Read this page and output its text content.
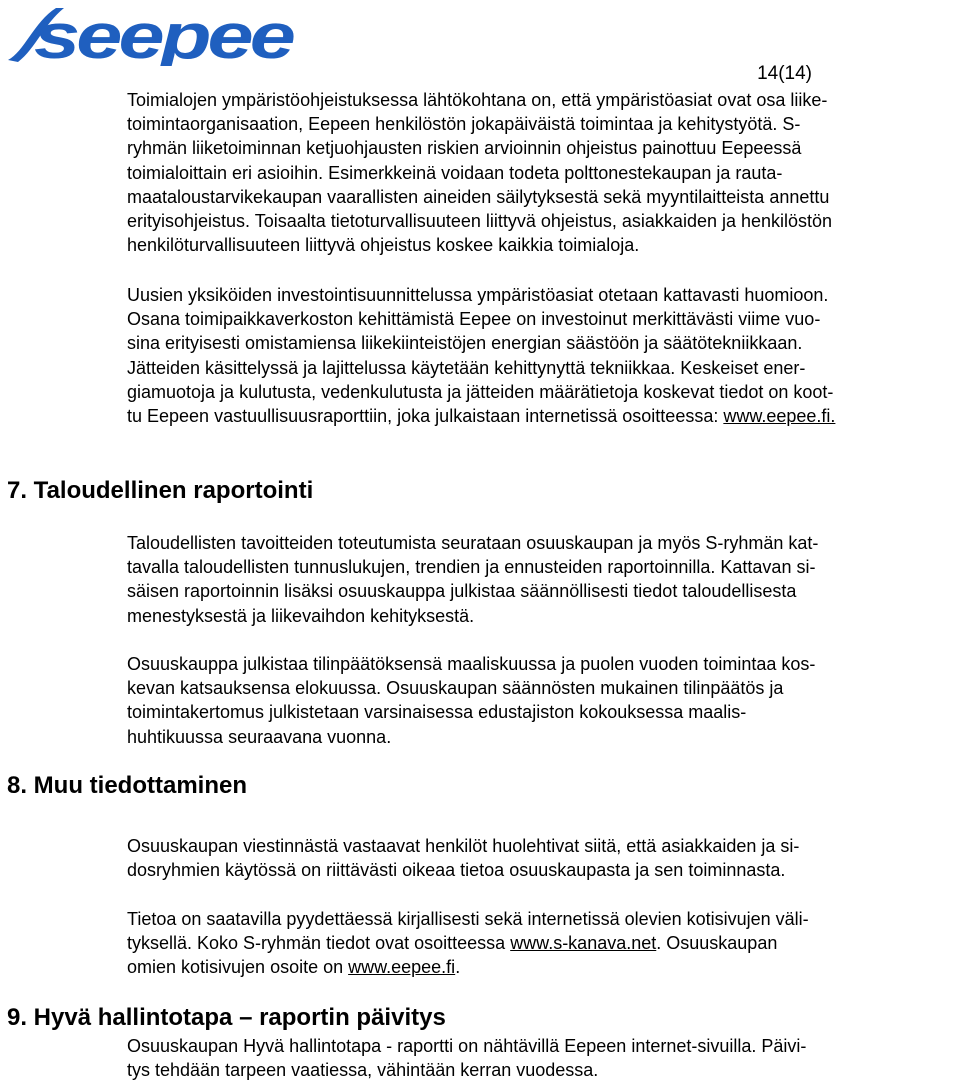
seepee
14(14)

Toimialojen ympäristöohjeistuksessa lähtökohtana on, että ympäristöasiat ovat osa liike-
toimintaorganisaation, Eepeen henkilöstön jokapäiväistä toimintaa ja kehitystyötä. S-
ryhmän liiketoiminnan ketjuohjausten riskien arvioinnin ohjeistus painottuu Eepeessä
toimialoittain eri asioihin. Esimerkkeinä voidaan todeta polttonestekaupan ja rauta-
maataloustarvikekaupan vaarallisten aineiden säilytyksestä sekä myyntilaitteista annettu
erityisohjeistus. Toisaalta tietoturvallisuuteen liittyvä ohjeistus, asiakkaiden ja henkilöstön
henkilöturvallisuuteen liittyvä ohjeistus koskee kaikkia toimialoja.

Uusien yksiköiden investointisuunnittelussa ympäristöasiat otetaan kattavasti huomioon.
Osana toimipaikkaverkoston kehittämistä Eepee on investoinut merkittävästi viime vuo-
sina erityisesti omistamiensa liikekiinteistöjen energian säästöön ja säätötekniikkaan.
Jätteiden käsittelyssä ja lajittelussa käytetään kehittynyttä tekniikkaa. Keskeiset ener-
giamuotoja ja kulutusta, vedenkulutusta ja jätteiden määrätietoja koskevat tiedot on koot-
tu Eepeen vastuullisuusraporttiin, joka julkaistaan internetissä osoitteessa: www.eepee.fi.

7. Taloudellinen raportointi

Taloudellisten tavoitteiden toteutumista seurataan osuuskaupan ja myös S-ryhmän kat-
tavalla taloudellisten tunnuslukujen, trendien ja ennusteiden raportoinnilla. Kattavan si-
säisen raportoinnin lisäksi osuuskauppa julkistaa säännöllisesti tiedot taloudellisesta
menestyksestä ja liikevaihdon kehityksestä.

Osuuskauppa julkistaa tilinpäätöksensä maaliskuussa ja puolen vuoden toimintaa kos-
kevan katsauksensa elokuussa. Osuuskaupan säännösten mukainen tilinpäätös ja
toimintakertomus julkistetaan varsinaisessa edustajiston kokouksessa maalis-
huhtikuussa seuraavana vuonna.

8. Muu tiedottaminen

Osuuskaupan viestinnästä vastaavat henkilöt huolehtivat siitä, että asiakkaiden ja si-
dosryhmien käytössä on riittävästi oikeaa tietoa osuuskaupasta ja sen toiminnasta.

Tietoa on saatavilla pyydettäessä kirjallisesti sekä internetissä olevien kotisivujen väli-
tyksellä. Koko S-ryhmän tiedot ovat osoitteessa www.s-kanava.net. Osuuskaupan
omien kotisivujen osoite on www.eepee.fi.

9. Hyvä hallintotapa – raportin päivitys

Osuuskaupan Hyvä hallintotapa - raportti on nähtävillä Eepeen internet-sivuilla. Päivi-
tys tehdään tarpeen vaatiessa, vähintään kerran vuodessa.
